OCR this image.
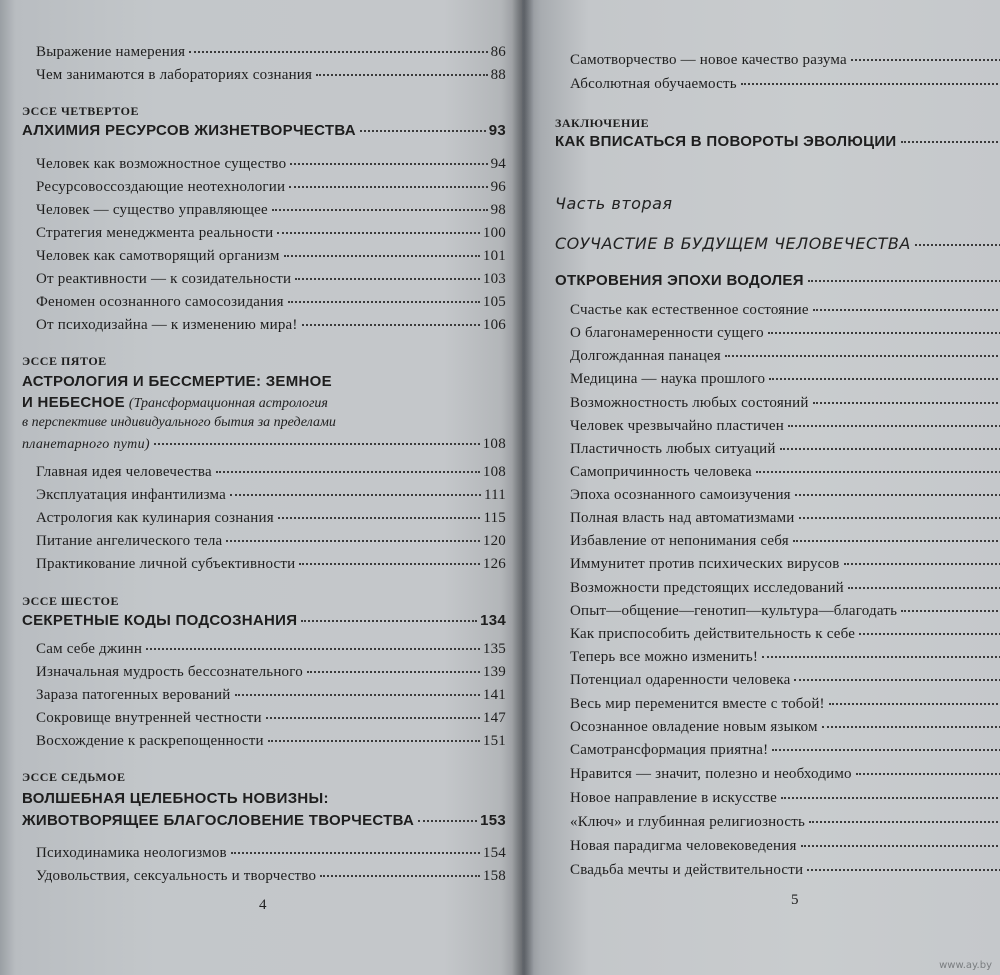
Выражение намерения	86
Чем занимаются в лабораториях сознания	88
ЭССЕ ЧЕТВЕРТОЕ
АЛХИМИЯ РЕСУРСОВ ЖИЗНЕТВОРЧЕСТВА	93
Человек как возможностное существо	94
Ресурсовоссоздающие неотехнологии	96
Человек — существо управляющее	98
Стратегия менеджмента реальности	100
Человек как самотворящий организм	101
От реактивности — к созидательности	103
Феномен осознанного самосозидания	105
От психодизайна — к изменению мира!	106
ЭССЕ ПЯТОЕ
АСТРОЛОГИЯ И БЕССМЕРТИЕ: ЗЕМНОЕ
И НЕБЕСНОЕ (Трансформационная астрология
в перспективе индивидуального бытия за пределами
планетарного пути)	108
Главная идея человечества	108
Эксплуатация инфантилизма	111
Астрология как кулинария сознания	115
Питание ангелического тела	120
Практикование личной субъективности	126
ЭССЕ ШЕСТОЕ
СЕКРЕТНЫЕ КОДЫ ПОДСОЗНАНИЯ	134
Сам себе джинн	135
Изначальная мудрость бессознательного	139
Зараза патогенных верований	141
Сокровище внутренней честности	147
Восхождение к раскрепощенности	151
ЭССЕ СЕДЬМОЕ
ВОЛШЕБНАЯ ЦЕЛЕБНОСТЬ НОВИЗНЫ:
ЖИВОТВОРЯЩЕЕ БЛАГОСЛОВЕНИЕ ТВОРЧЕСТВА	153
Психодинамика неологизмов	154
Удовольствия, сексуальность и творчество	158
4
Самотворчество — новое качество разума
Абсолютная обучаемость
ЗАКЛЮЧЕНИЕ
КАК ВПИСАТЬСЯ В ПОВОРОТЫ ЭВОЛЮЦИИ
Часть вторая
СОУЧАСТИЕ В БУДУЩЕМ ЧЕЛОВЕЧЕСТВА
ОТКРОВЕНИЯ ЭПОХИ ВОДОЛЕЯ
Счастье как естественное состояние
О благонамеренности сущего
Долгожданная панацея
Медицина — наука прошлого
Возможностность любых состояний
Человек чрезвычайно пластичен
Пластичность любых ситуаций
Самопричинность человека
Эпоха осознанного самоизучения
Полная власть над автоматизмами
Избавление от непонимания себя
Иммунитет против психических вирусов
Возможности предстоящих исследований
Опыт—общение—генотип—культура—благодать
Как приспособить действительность к себе
Теперь все можно изменить!
Потенциал одаренности человека
Весь мир переменится вместе с тобой!
Осознанное овладение новым языком
Самотрансформация приятна!
Нравится — значит, полезно и необходимо
Новое направление в искусстве
«Ключ» и глубинная религиозность
Новая парадигма человековедения
Свадьба мечты и действительности
5
www.ay.by
